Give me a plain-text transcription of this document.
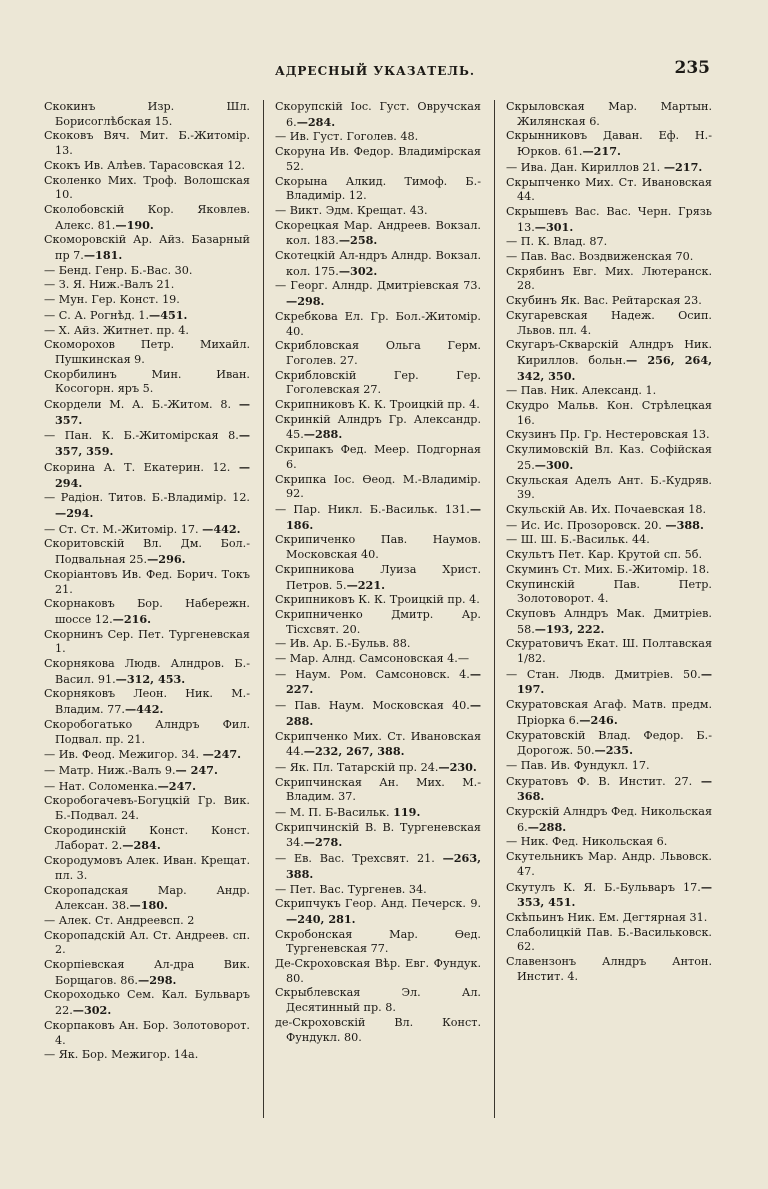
АДРЕСНЫЙ УКАЗАТЕЛЬ.	235
Скокинъ Изр. Шл. Борисоглѣбская 15.
Скоковъ Вяч. Мит. Б.-Житомір. 13.
Скокъ Ив. Алѣев. Тарасовская 12.
Сколенко Мих. Троф. Волошская 10.
Сколобовскій Кор. Яковлев. Алекс. 81.—190.
Скоморовскій Ар. Айз. Базарный пр 7.—181.
— Бенд. Генр. Б.-Вас. 30.
— З. Я. Ниж.-Валъ 21.
— Мун. Гер. Конст. 19.
— С. А. Рогнѣд. 1.—451.
— Х. Айз. Житнет. пр. 4.
Скоморохов Петр. Михайл. Пушкинская 9.
Скорбилинъ Мин. Иван. Косогорн. яръ 5.
Скордели М. А. Б.-Житом. 8. —357.
— Пан. К. Б.-Житомірская 8.—357, 359.
Скорина А. Т. Екатерин. 12. —294.
— Радіон. Титов. Б.-Владимір. 12.—294.
— Ст. Ст. М.-Житомір. 17. —442.
Скоритовскій Вл. Дм. Бол.-Подвальная 25.—296.
Скоріантовъ Ив. Фед. Борич. Токъ 21.
Скорнаковъ Бор. Набережн. шоссе 12.—216.
Скорнинъ Сер. Пет. Тургеневская 1.
Скорнякова Людв. Алндров. Б.-Васил. 91.—312, 453.
Скорняковъ Леон. Ник. М.-Владим. 77.—442.
Скоробогатько Алндръ Фил. Подвал. пр. 21.
— Ив. Феод. Межигор. 34. —247.
— Матр. Ниж.-Валъ 9.— 247.
— Нат. Соломенка.—247.
Скоробогачевъ-Богуцкій Гр. Вик. Б.-Подвал. 24.
Скородинскій Конст. Конст. Лаборат. 2.—284.
Скородумовъ Алек. Иван. Крещат. пл. 3.
Скоропадская Мар. Андр. Алексан. 38.—180.
— Алек. Ст. Андреевсп. 2
Скоропадскій Ал. Ст. Андреев. сп. 2.
Скорпіевская Ал-дра Вик. Борщагов. 86.—298.
Скороходько Сем. Кал. Бульваръ 22.—302.
Скорпаковъ Ан. Бор. Золотоворот. 4.
— Як. Бор. Межигор. 14а.
Скорупскій Іос. Густ. Овручская 6.—284.
— Ив. Густ. Гоголев. 48.
Скоруна Ив. Федор. Владимірская 52.
Скорына Алкид. Тимоф. Б.-Владимір. 12.
— Викт. Эдм. Крещат. 43.
Скорецкая Мар. Андреев. Вокзал. кол. 183.—258.
Скотецкій Ал-ндръ Алндр. Вокзал. кол. 175.—302.
— Георг. Алндр. Дмитріевская 73.—298.
Скребкова Ел. Гр. Бол.-Житомір. 40.
Скрибловская Ольга Герм. Гоголев. 27.
Скрибловскій Гер. Гер. Гоголевская 27.
Скрипниковъ К. К. Троицкій пр. 4.
Скринкій Алндръ Гр. Александр. 45.—288.
Скрипакъ Фед. Меер. Подгорная 6.
Скрипка Іос. Ѳеод. М.-Владимір. 92.
— Пар. Никл. Б.-Васильк. 131.—186.
Скрипиченко Пав. Наумов. Московская 40.
Скрипникова Луиза Христ. Петров. 5.—221.
Скрипниковъ К. К. Троицкій пр. 4.
Скрипниченко Дмитр. Ар. Тісхсвят. 20.
— Ив. Ар. Б.-Бульв. 88.
— Мар. Алнд. Самсоновская 4.—
— Наум. Ром. Самсоновск. 4.—227.
— Пав. Наум. Московская 40.—288.
Скрипченко Мих. Ст. Ивановская 44.—232, 267, 388.
— Як. Пл. Татарскій пр. 24.—230.
Скрипчинская Ан. Мих. М.-Владим. 37.
— М. П. Б-Васильк. 119.
Скрипчинскій В. В. Тургеневская 34.—278.
— Ев. Вас. Трехсвят. 21. —263, 388.
— Пет. Вас. Тургенев. 34.
Скрипчукъ Геор. Анд. Печерск. 9.—240, 281.
Скробонская Мар. Ѳед. Тургеневская 77.
Де-Скроховская Вѣр. Евг. Фундук. 80.
Скрыблевская Эл. Ал. Десятинный пр. 8.
де-Скроховскій Вл. Конст. Фундукл. 80.
Скрыловская Мар. Мартын. Жилянская 6.
Скрынниковъ Даван. Еф. Н.-Юрков. 61.—217.
— Ива. Дан. Кириллов 21. —217.
Скрыпченко Мих. Ст. Ивановская 44.
Скрышевъ Вас. Вас. Черн. Грязь 13.—301.
— П. К. Влад. 87.
— Пав. Вас. Воздвиженская 70.
Скрябинъ Евг. Мих. Лютеранск. 28.
Скубинъ Як. Вас. Рейтарская 23.
Скугаревская Надеж. Осип. Львов. пл. 4.
Скугаръ-Скварскій Алндръ Ник. Кириллов. больн.— 256, 264, 342, 350.
— Пав. Ник. Александ. 1.
Скудро Мальв. Кон. Стрѣлецкая 16.
Скузинъ Пр. Гр. Нестеровская 13.
Скулимовскій Вл. Каз. Софійская 25.—300.
Скульская Аделъ Ант. Б.-Кудряв. 39.
Скульскій Ав. Их. Почаевская 18.
— Ис. Ис. Прозоровск. 20. —388.
— Ш. Ш. Б.-Васильк. 44.
Скультъ Пет. Кар. Крутой сп. 5б.
Скуминъ Ст. Мих. Б.-Житомір. 18.
Скупинскій Пав. Петр. Золотоворот. 4.
Скуповъ Алндръ Мак. Дмитріев. 58.—193, 222.
Скуратовичъ Екат. Ш. Полтавская 1/82.
— Стан. Людв. Дмитріев. 50.—197.
Скуратовская Агаф. Матв. предм. Пріорка 6.—246.
Скуратовскій Влад. Федор. Б.-Дорогож. 50.—235.
— Пав. Ив. Фундукл. 17.
Скуратовъ Ф. В. Инстит. 27. —368.
Скурскій Алндръ Фед. Никольская 6.—288.
— Ник. Фед. Никольская 6.
Скутельникъ Мар. Андр. Львовск. 47.
Скутулъ К. Я. Б.-Бульваръ 17.—353, 451.
Скѣпьинъ Ник. Ем. Дегтярная 31.
Слаболицкій Пав. Б.-Васильковск. 62.
Славензонъ Алндръ Антон. Инстит. 4.
